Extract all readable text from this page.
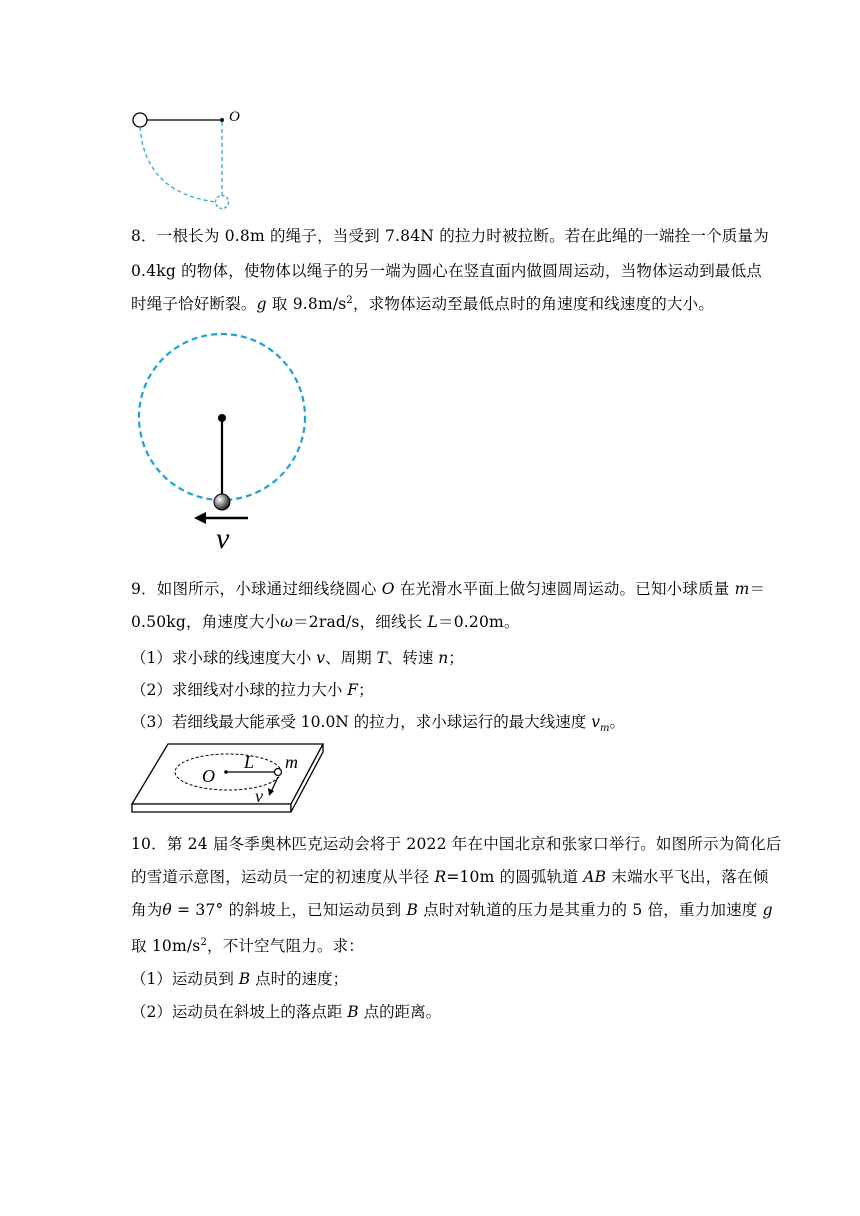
O
8．一根长为 0.8m 的绳子，当受到 7.84N 的拉力时被拉断。若在此绳的一端拴一个质量为
0.4kg 的物体，使物体以绳子的另一端为圆心在竖直面内做圆周运动，当物体运动到最低点
时绳子恰好断裂。g 取 $9.8m/s^2$，求物体运动至最低点时的角速度和线速度的大小。
v
9．如图所示，小球通过细线绕圆心 O 在光滑水平面上做匀速圆周运动。已知小球质量 m＝
0.50kg，角速度大小ω＝2rad/s，细线长 L＝0.20m。
（1）求小球的线速度大小 v、周期 T、转速 n；
（2）求细线对小球的拉力大小 F；
（3）若细线最大能承受 10.0N 的拉力，求小球运行的最大线速度 $v_m$。
O
L m
v
10．第 24 届冬季奥林匹克运动会将于 2022 年在中国北京和张家口举行。如图所示为简化后
的雪道示意图，运动员一定的初速度从半径 R=10m 的圆弧轨道 AB 末端水平飞出，落在倾
角为θ = 37° 的斜坡上，已知运动员到 B 点时对轨道的压力是其重力的 5 倍，重力加速度 g
取 $10m/s^2$，不计空气阻力。求：
（1）运动员到 B 点时的速度；
（2）运动员在斜坡上的落点距 B 点的距离。
